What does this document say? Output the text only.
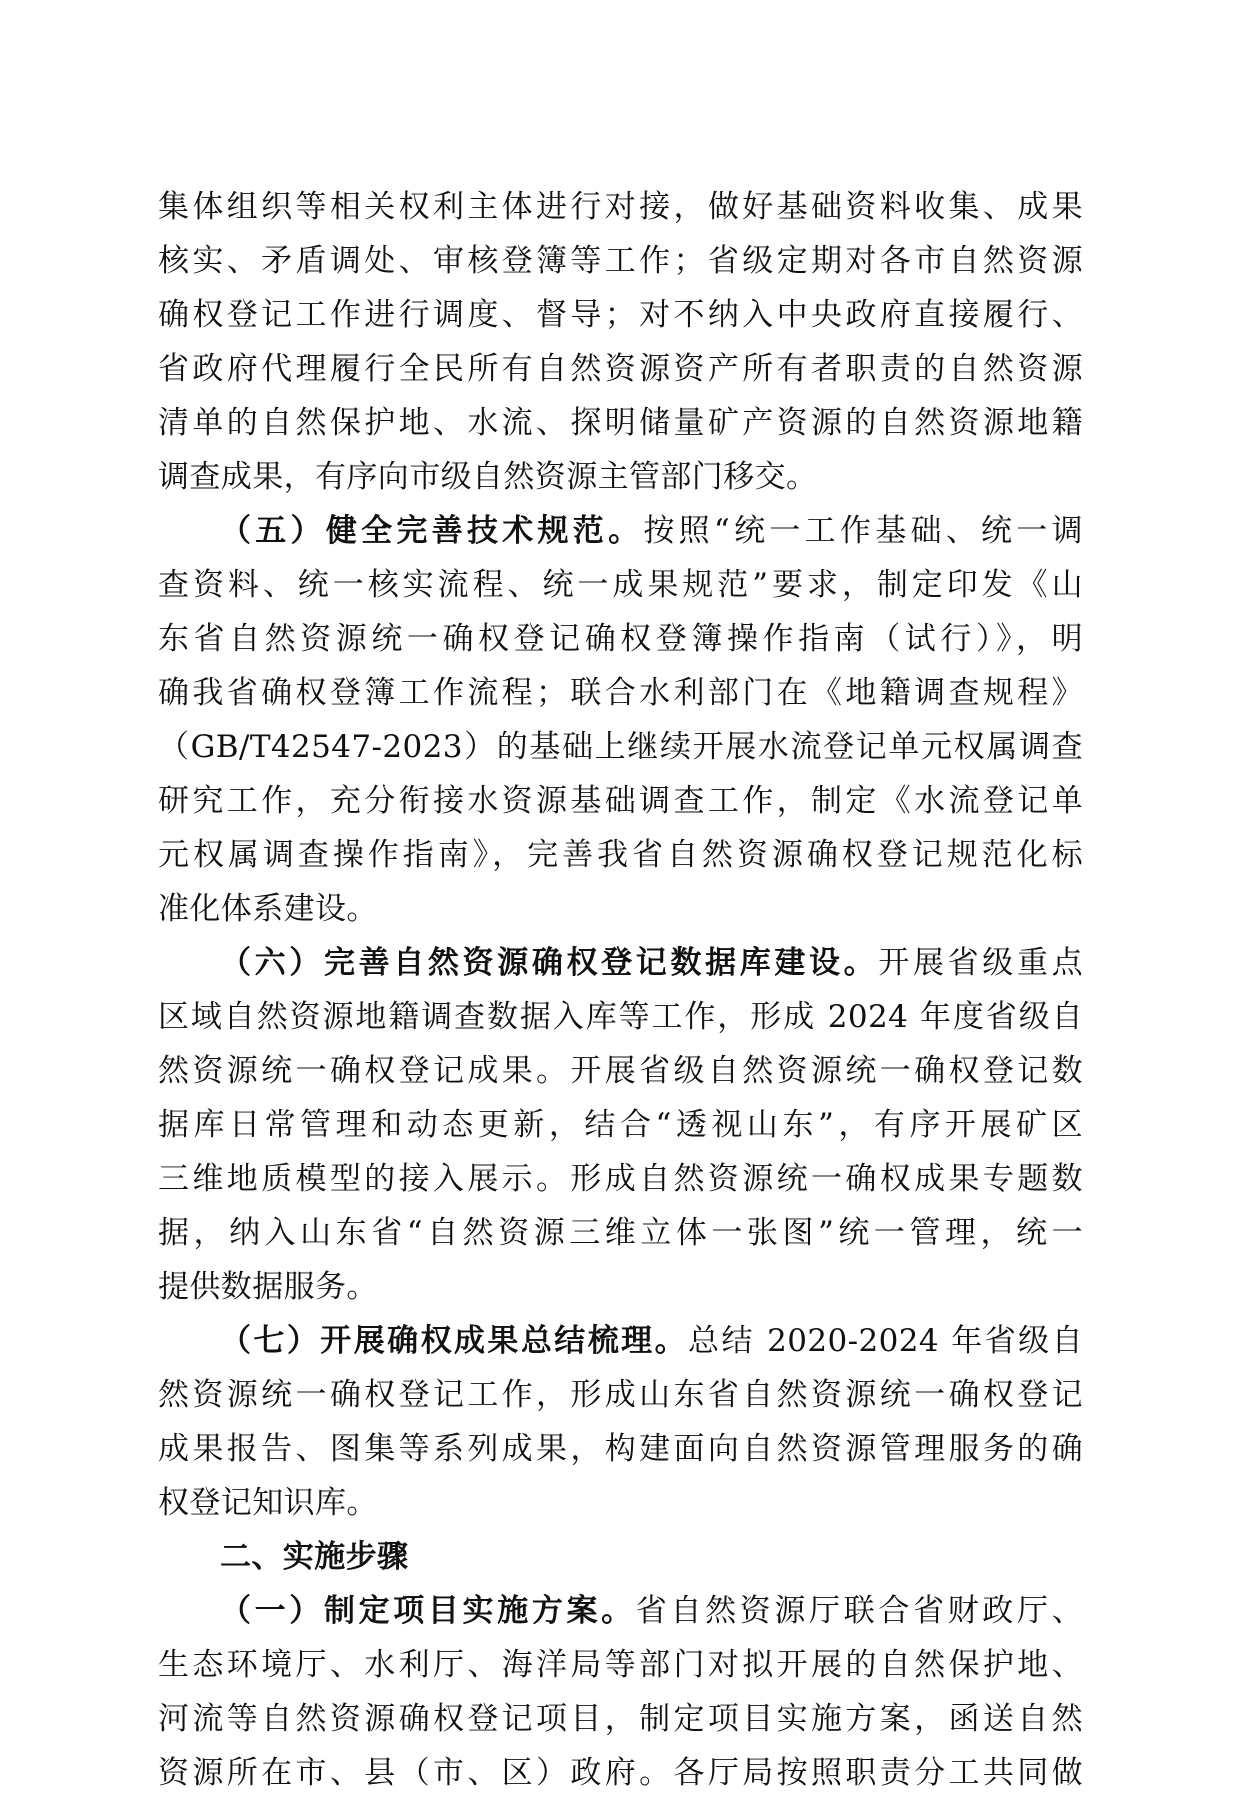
集体组织等相关权利主体进行对接，做好基础资料收集、成果
核实、矛盾调处、审核登簿等工作；省级定期对各市自然资源
确权登记工作进行调度、督导；对不纳入中央政府直接履行、
省政府代理履行全民所有自然资源资产所有者职责的自然资源
清单的自然保护地、水流、探明储量矿产资源的自然资源地籍
调查成果，有序向市级自然资源主管部门移交。
（五）健全完善技术规范。按照“统一工作基础、统一调
查资料、统一核实流程、统一成果规范”要求，制定印发《山
东省自然资源统一确权登记确权登簿操作指南（试行）》，明
确我省确权登簿工作流程；联合水利部门在《地籍调查规程》
（GB/T42547-2023）的基础上继续开展水流登记单元权属调查
研究工作，充分衔接水资源基础调查工作，制定《水流登记单
元权属调查操作指南》，完善我省自然资源确权登记规范化标
准化体系建设。
（六）完善自然资源确权登记数据库建设。开展省级重点
区域自然资源地籍调查数据入库等工作，形成 2024 年度省级自
然资源统一确权登记成果。开展省级自然资源统一确权登记数
据库日常管理和动态更新，结合“透视山东”，有序开展矿区
三维地质模型的接入展示。形成自然资源统一确权成果专题数
据，纳入山东省“自然资源三维立体一张图”统一管理，统一
提供数据服务。
（七）开展确权成果总结梳理。总结 2020-2024 年省级自
然资源统一确权登记工作，形成山东省自然资源统一确权登记
成果报告、图集等系列成果，构建面向自然资源管理服务的确
权登记知识库。
二、实施步骤
（一）制定项目实施方案。省自然资源厅联合省财政厅、
生态环境厅、水利厅、海洋局等部门对拟开展的自然保护地、
河流等自然资源确权登记项目，制定项目实施方案，函送自然
资源所在市、县（市、区）政府。各厅局按照职责分工共同做
